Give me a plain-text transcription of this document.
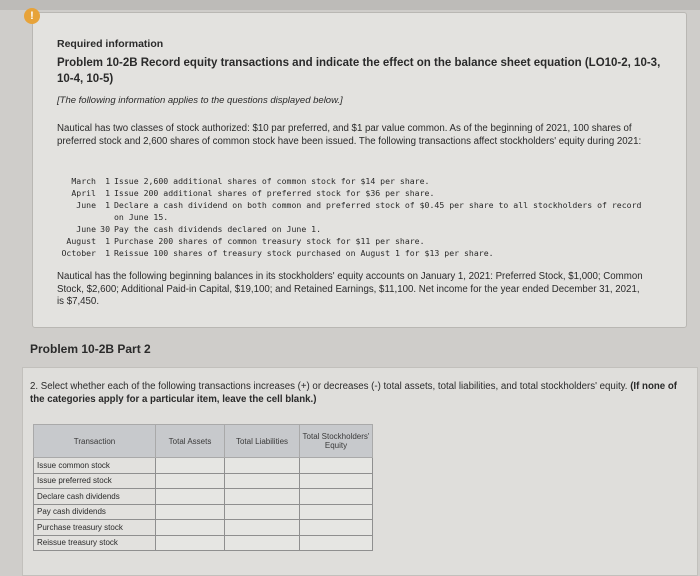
!
Required information
Problem 10-2B Record equity transactions and indicate the effect on the balance sheet equation (LO10-2, 10-3, 10-4, 10-5)
[The following information applies to the questions displayed below.]
Nautical has two classes of stock authorized: $10 par preferred, and $1 par value common. As of the beginning of 2021, 100 shares of preferred stock and 2,600 shares of common stock have been issued. The following transactions affect stockholders' equity during 2021:
March	1 Issue 2,600 additional shares of common stock for $14 per share.
April	1 Issue 200 additional shares of preferred stock for $36 per share.
June	1 Declare a cash dividend on both common and preferred stock of $0.45 per share to all stockholders of record on June 15.
June 30 Pay the cash dividends declared on June 1.
August	1 Purchase 200 shares of common treasury stock for $11 per share.
October	1 Reissue 100 shares of treasury stock purchased on August 1 for $13 per share.
Nautical has the following beginning balances in its stockholders' equity accounts on January 1, 2021: Preferred Stock, $1,000; Common Stock, $2,600; Additional Paid-in Capital, $19,100; and Retained Earnings, $11,100. Net income for the year ended December 31, 2021, is $7,450.
Problem 10-2B Part 2
2. Select whether each of the following transactions increases (+) or decreases (-) total assets, total liabilities, and total stockholders' equity. (If none of the categories apply for a particular item, leave the cell blank.)
Transaction	Total Assets	Total Liabilities	Total Stockholders' Equity
Issue common stock	

Issue preferred stock	

Declare cash dividends	

Pay cash dividends	

Purchase treasury stock	

Reissue treasury stock	
